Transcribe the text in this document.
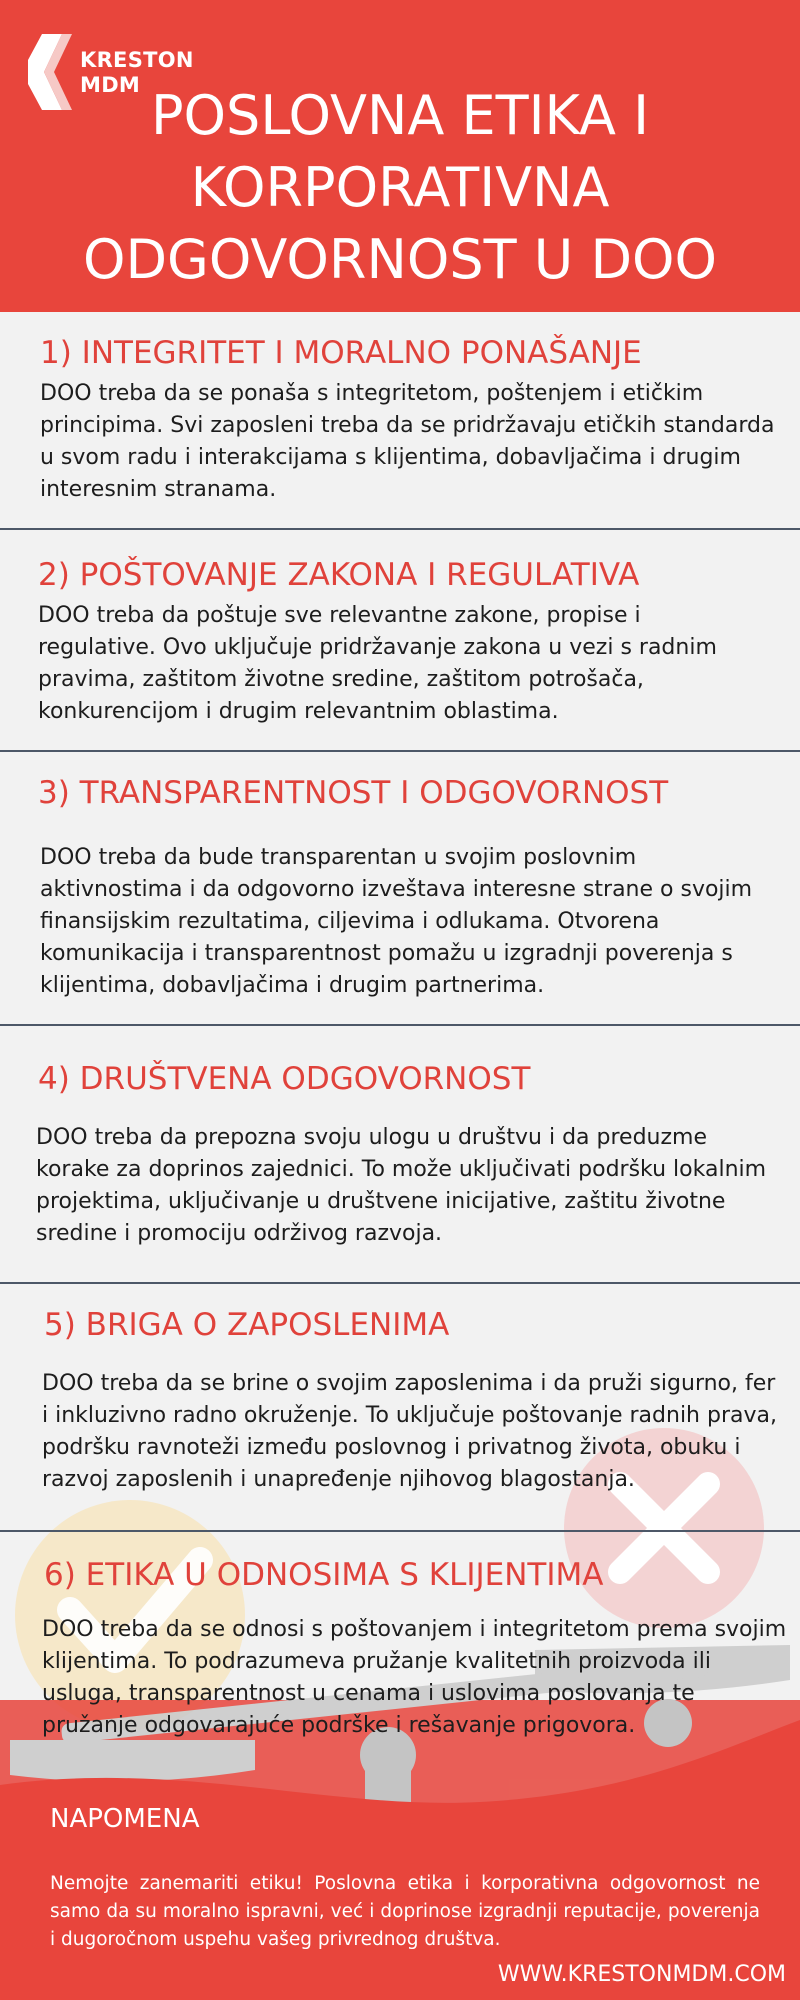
KRESTON
MDM POSLOVNA ETIKA I
KORPORATIVNA
ODGOVORNOST U DOO
1) INTEGRITET I MORALNO PONAŠANJE

DOO treba da se ponaša s integritetom, poštenjem i etičkim principima. Svi zaposleni treba da se pridržavaju etičkih standarda u svom radu i interakcijama s klijentima, dobavljačima i drugim interesnim stranama.

2) POŠTOVANJE ZAKONA I REGULATIVA

DOO treba da poštuje sve relevantne zakone, propise i regulative. Ovo uključuje pridržavanje zakona u vezi s radnim pravima, zaštitom životne sredine, zaštitom potrošača, konkurencijom i drugim relevantnim oblastima.

3) TRANSPARENTNOST I ODGOVORNOST

DOO treba da bude transparentan u svojim poslovnim aktivnostima i da odgovorno izveštava interesne strane o svojim finansijskim rezultatima, ciljevima i odlukama. Otvorena komunikacija i transparentnost pomažu u izgradnji poverenja s klijentima, dobavljačima i drugim partnerima.

4) DRUŠTVENA ODGOVORNOST

DOO treba da prepozna svoju ulogu u društvu i da preduzme korake za doprinos zajednici. To može uključivati podršku lokalnim projektima, uključivanje u društvene inicijative, zaštitu životne sredine i promociju održivog razvoja.

5) BRIGA O ZAPOSLENIMA

DOO treba da se brine o svojim zaposlenima i da pruži sigurno, fer i inkluzivno radno okruženje. To uključuje poštovanje radnih prava, podršku ravnoteži između poslovnog i privatnog života, obuku i razvoj zaposlenih i unapređenje njihovog blagostanja.

6) ETIKA U ODNOSIMA S KLIJENTIMA

DOO treba da se odnosi s poštovanjem i integritetom prema svojim klijentima. To podrazumeva pružanje kvalitetnih proizvoda ili usluga, transparentnost u cenama i uslovima poslovanja te pružanje odgovarajuće podrške i rešavanje prigovora.

NAPOMENA

Nemojte zanemariti etiku! Poslovna etika i korporativna odgovornost ne samo da su moralno ispravni, već i doprinose izgradnji reputacije, poverenja i dugoročnom uspehu vašeg privrednog društva.

WWW.KRESTONMDM.COM
